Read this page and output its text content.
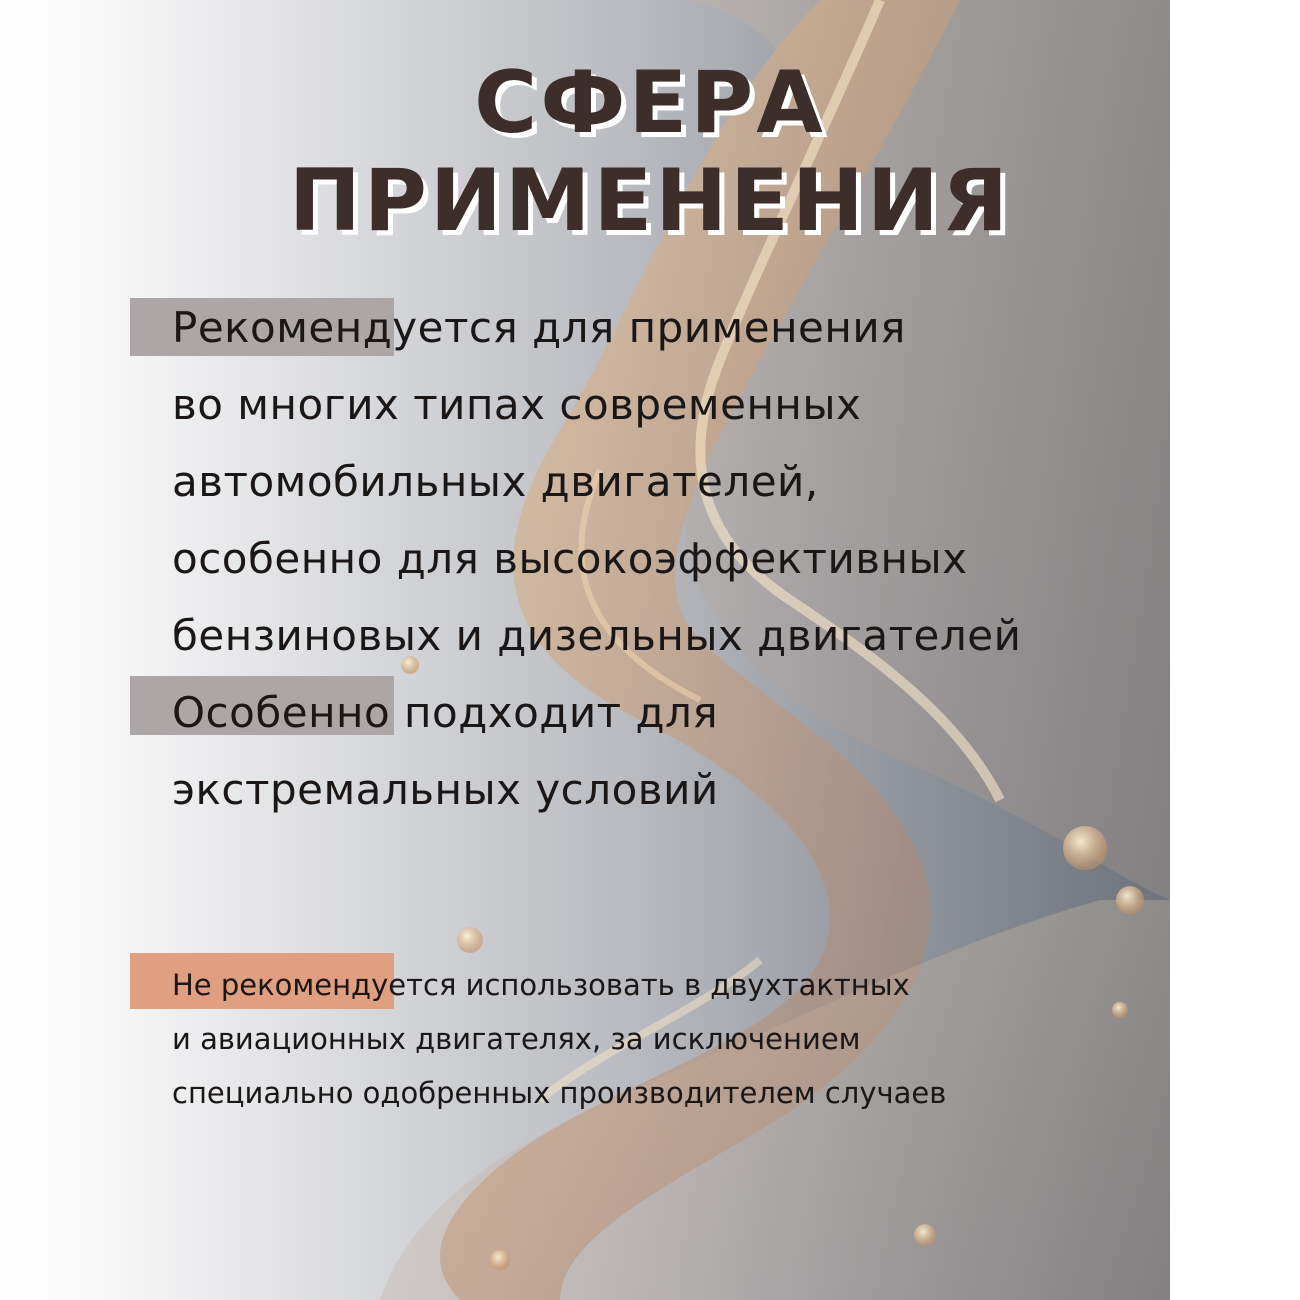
СФЕРА
ПРИМЕНЕНИЯ

Рекомендуется для применения
во многих типах современных
автомобильных двигателей,
особенно для высокоэффективных
бензиновых и дизельных двигателей
Особенно подходит для
экстремальных условий

Не рекомендуется использовать в двухтактных
и авиационных двигателях, за исключением
специально одобренных производителем случаев
